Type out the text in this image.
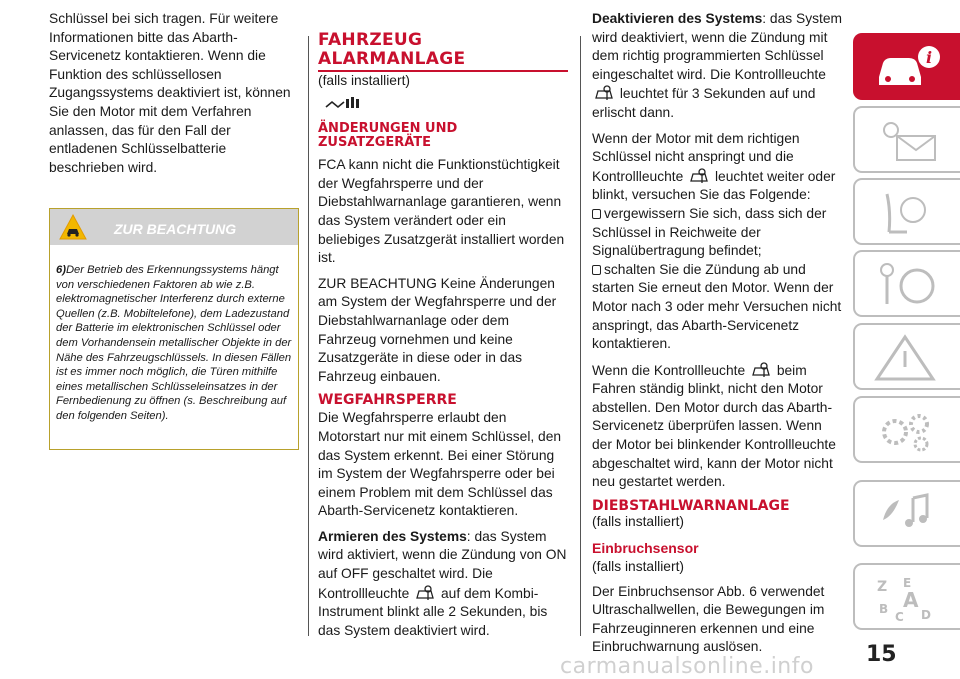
Schlüssel bei sich tragen. Für weitere Informationen bitte das Abarth-Servicenetz kontaktieren. Wenn die Funktion des schlüssellosen Zugangssystems deaktiviert ist, können Sie den Motor mit dem Verfahren anlassen, das für den Fall der entladenen Schlüsselbatterie beschrieben wird.

ZUR BEACHTUNG
6)Der Betrieb des Erkennungssystems hängt von verschiedenen Faktoren ab wie z.B. elektromagnetischer Interferenz durch externe Quellen (z.B. Mobiltelefone), dem Ladezustand der Batterie im elektronischen Schlüssel oder dem Vorhandensein metallischer Objekte in der Nähe des Fahrzeugschlüssels. In diesen Fällen ist es immer noch möglich, die Türen mithilfe eines metallischen Schlüsseleinsatzes in der Fernbedienung zu öffnen (s. Beschreibung auf den folgenden Seiten).
FAHRZEUG
ALARMANLAGE
(falls installiert)
ÄNDERUNGEN UND ZUSATZGERÄTE

FCA kann nicht die Funktionstüchtigkeit der Wegfahrsperre und der Diebstahlwarnanlage garantieren, wenn das System verändert oder ein beliebiges Zusatzgerät installiert worden ist.

ZUR BEACHTUNG Keine Änderungen am System der Wegfahrsperre und der Diebstahlwarnanlage oder dem Fahrzeug vornehmen und keine Zusatzgeräte in diese oder in das Fahrzeug einbauen.

WEGFAHRSPERRE

Die Wegfahrsperre erlaubt den Motorstart nur mit einem Schlüssel, den das System erkennt. Bei einer Störung im System der Wegfahrsperre oder bei einem Problem mit dem Schlüssel das Abarth-Servicenetz kontaktieren.

Armieren des Systems: das System wird aktiviert, wenn die Zündung von ON auf OFF geschaltet wird. Die Kontrollleuchte auf dem Kombi-Instrument blinkt alle 2 Sekunden, bis das System deaktiviert wird.

Deaktivieren des Systems: das System wird deaktiviert, wenn die Zündung mit dem richtig programmierten Schlüssel eingeschaltet wird. Die Kontrollleuchte  leuchtet für 3 Sekunden auf und erlischt dann.

Wenn der Motor mit dem richtigen Schlüssel nicht anspringt und die Kontrollleuchte leuchtet weiter oder blinkt, versuchen Sie das Folgende:
vergewissern Sie sich, dass sich der Schlüssel in Reichweite der Signalübertragung befindet;
schalten Sie die Zündung ab und starten Sie erneut den Motor. Wenn der Motor nach 3 oder mehr Versuchen nicht anspringt, das Abarth-Servicenetz kontaktieren.

Wenn die Kontrollleuchte beim Fahren ständig blinkt, nicht den Motor abstellen. Den Motor durch das Abarth-Servicenetz überprüfen lassen. Wenn der Motor bei blinkender Kontrollleuchte abgeschaltet wird, kann der Motor nicht neu gestartet werden.

DIEBSTAHLWARNANLAGE
(falls installiert)
Einbruchsensor
(falls installiert)

Der Einbruchsensor Abb. 6 verwendet Ultraschallwellen, die Bewegungen im Fahrzeuginneren erkennen und eine Einbruchwarnung auslösen.

i
Z E
A
B
C D
15
carmanualsonline.info
